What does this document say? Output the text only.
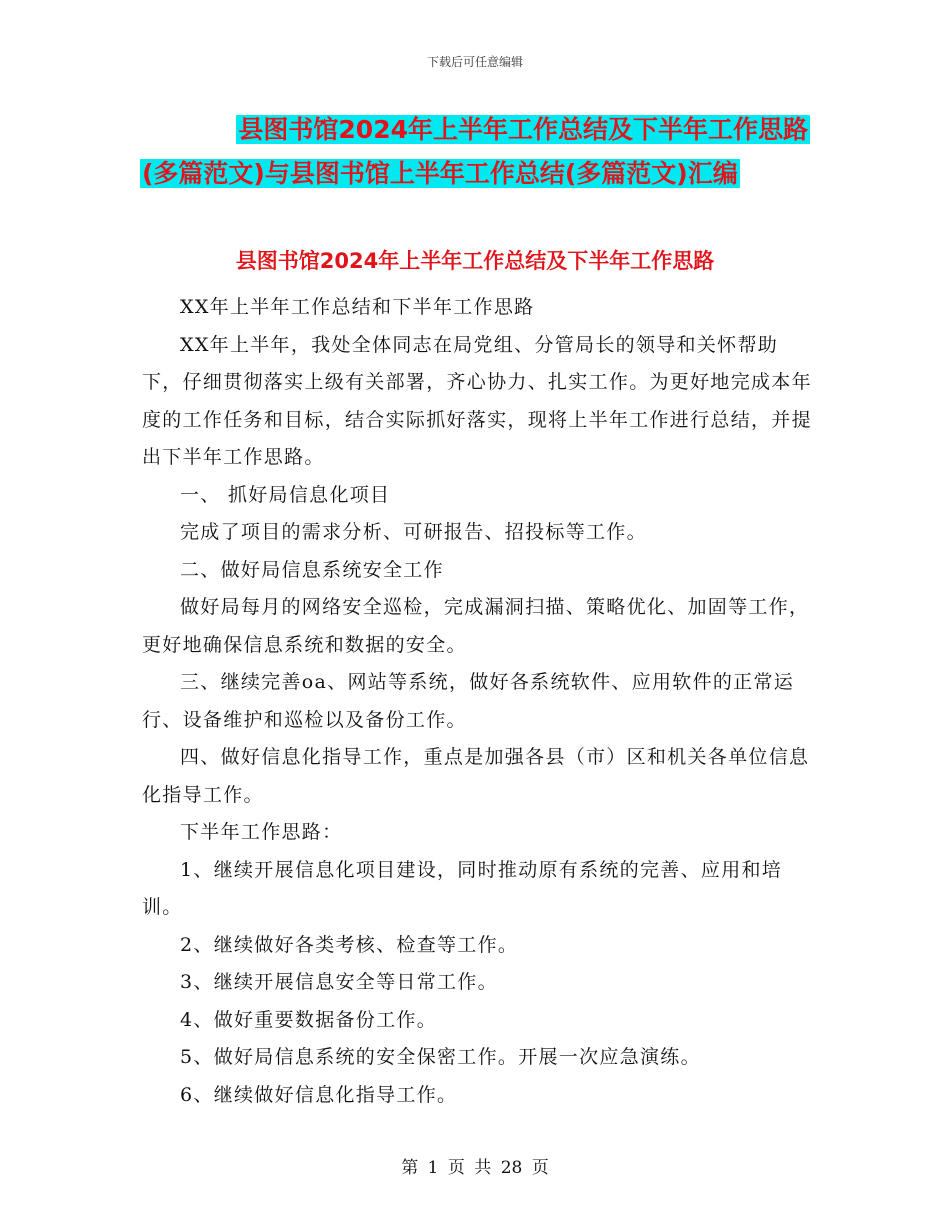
下载后可任意编辑
县图书馆2024年上半年工作总结及下半年工作思路
(多篇范文)与县图书馆上半年工作总结(多篇范文)汇编
县图书馆2024年上半年工作总结及下半年工作思路

XX年上半年工作总结和下半年工作思路

XX年上半年，我处全体同志在局党组、分管局长的领导和关怀帮助下，仔细贯彻落实上级有关部署，齐心协力、扎实工作。为更好地完成本年度的工作任务和目标，结合实际抓好落实，现将上半年工作进行总结，并提出下半年工作思路。

一、 抓好局信息化项目

完成了项目的需求分析、可研报告、招投标等工作。

二、做好局信息系统安全工作

做好局每月的网络安全巡检，完成漏洞扫描、策略优化、加固等工作，更好地确保信息系统和数据的安全。

三、继续完善oa、网站等系统，做好各系统软件、应用软件的正常运行、设备维护和巡检以及备份工作。

四、做好信息化指导工作，重点是加强各县（市）区和机关各单位信息化指导工作。

下半年工作思路：

1、继续开展信息化项目建设，同时推动原有系统的完善、应用和培训。

2、继续做好各类考核、检查等工作。

3、继续开展信息安全等日常工作。

4、做好重要数据备份工作。

5、做好局信息系统的安全保密工作。开展一次应急演练。

6、继续做好信息化指导工作。

第 1 页 共 28 页
